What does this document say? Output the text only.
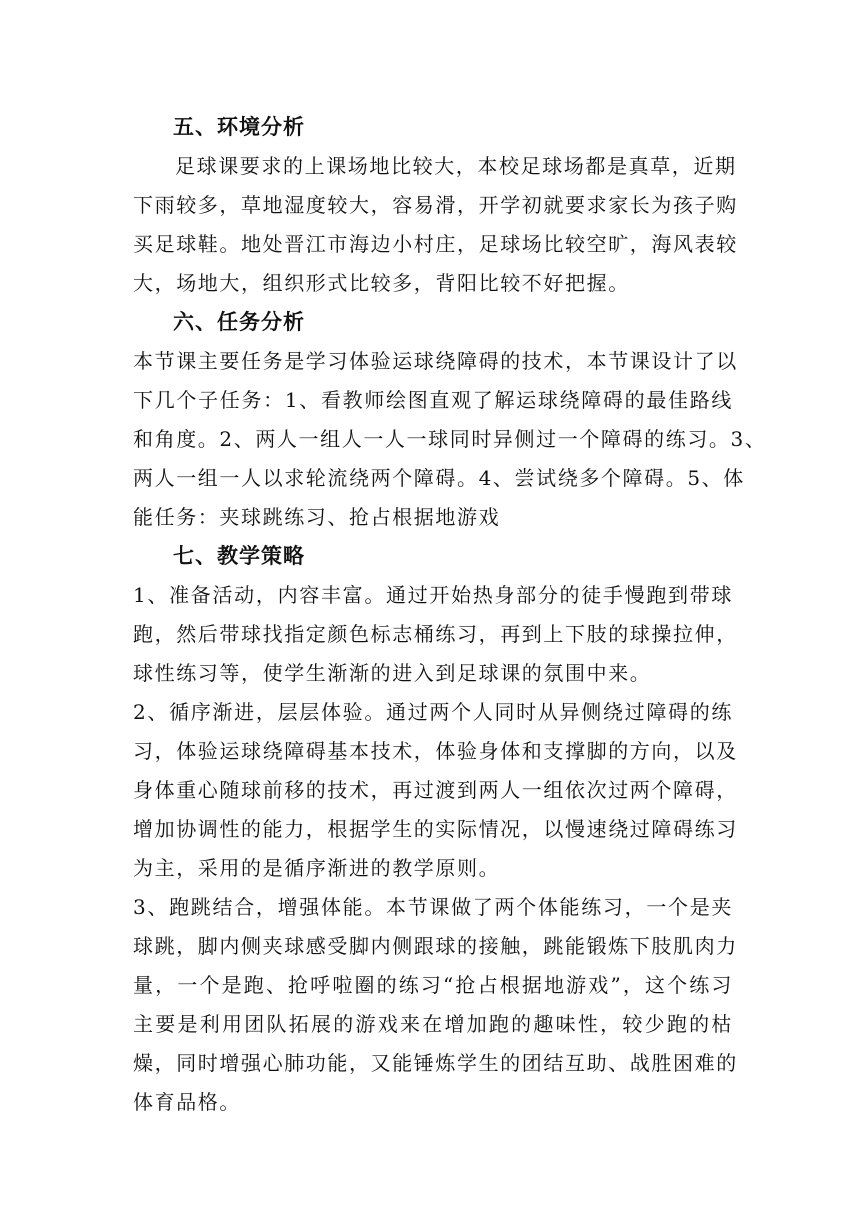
五、环境分析

足球课要求的上课场地比较大，本校足球场都是真草，近期
下雨较多，草地湿度较大，容易滑，开学初就要求家长为孩子购
买足球鞋。地处晋江市海边小村庄，足球场比较空旷，海风表较
大，场地大，组织形式比较多，背阳比较不好把握。

六、任务分析

本节课主要任务是学习体验运球绕障碍的技术，本节课设计了以
下几个子任务：1、看教师绘图直观了解运球绕障碍的最佳路线
和角度。2、两人一组人一人一球同时异侧过一个障碍的练习。3、
两人一组一人以求轮流绕两个障碍。4、尝试绕多个障碍。5、体
能任务：夹球跳练习、抢占根据地游戏

七、教学策略

1、准备活动，内容丰富。通过开始热身部分的徒手慢跑到带球
跑，然后带球找指定颜色标志桶练习，再到上下肢的球操拉伸，
球性练习等，使学生渐渐的进入到足球课的氛围中来。

2、循序渐进，层层体验。通过两个人同时从异侧绕过障碍的练
习，体验运球绕障碍基本技术，体验身体和支撑脚的方向，以及
身体重心随球前移的技术，再过渡到两人一组依次过两个障碍，
增加协调性的能力，根据学生的实际情况，以慢速绕过障碍练习
为主，采用的是循序渐进的教学原则。

3、跑跳结合，增强体能。本节课做了两个体能练习，一个是夹
球跳，脚内侧夹球感受脚内侧跟球的接触，跳能锻炼下肢肌肉力
量，一个是跑、抢呼啦圈的练习“抢占根据地游戏”，这个练习
主要是利用团队拓展的游戏来在增加跑的趣味性，较少跑的枯
燥，同时增强心肺功能，又能锤炼学生的团结互助、战胜困难的
体育品格。
